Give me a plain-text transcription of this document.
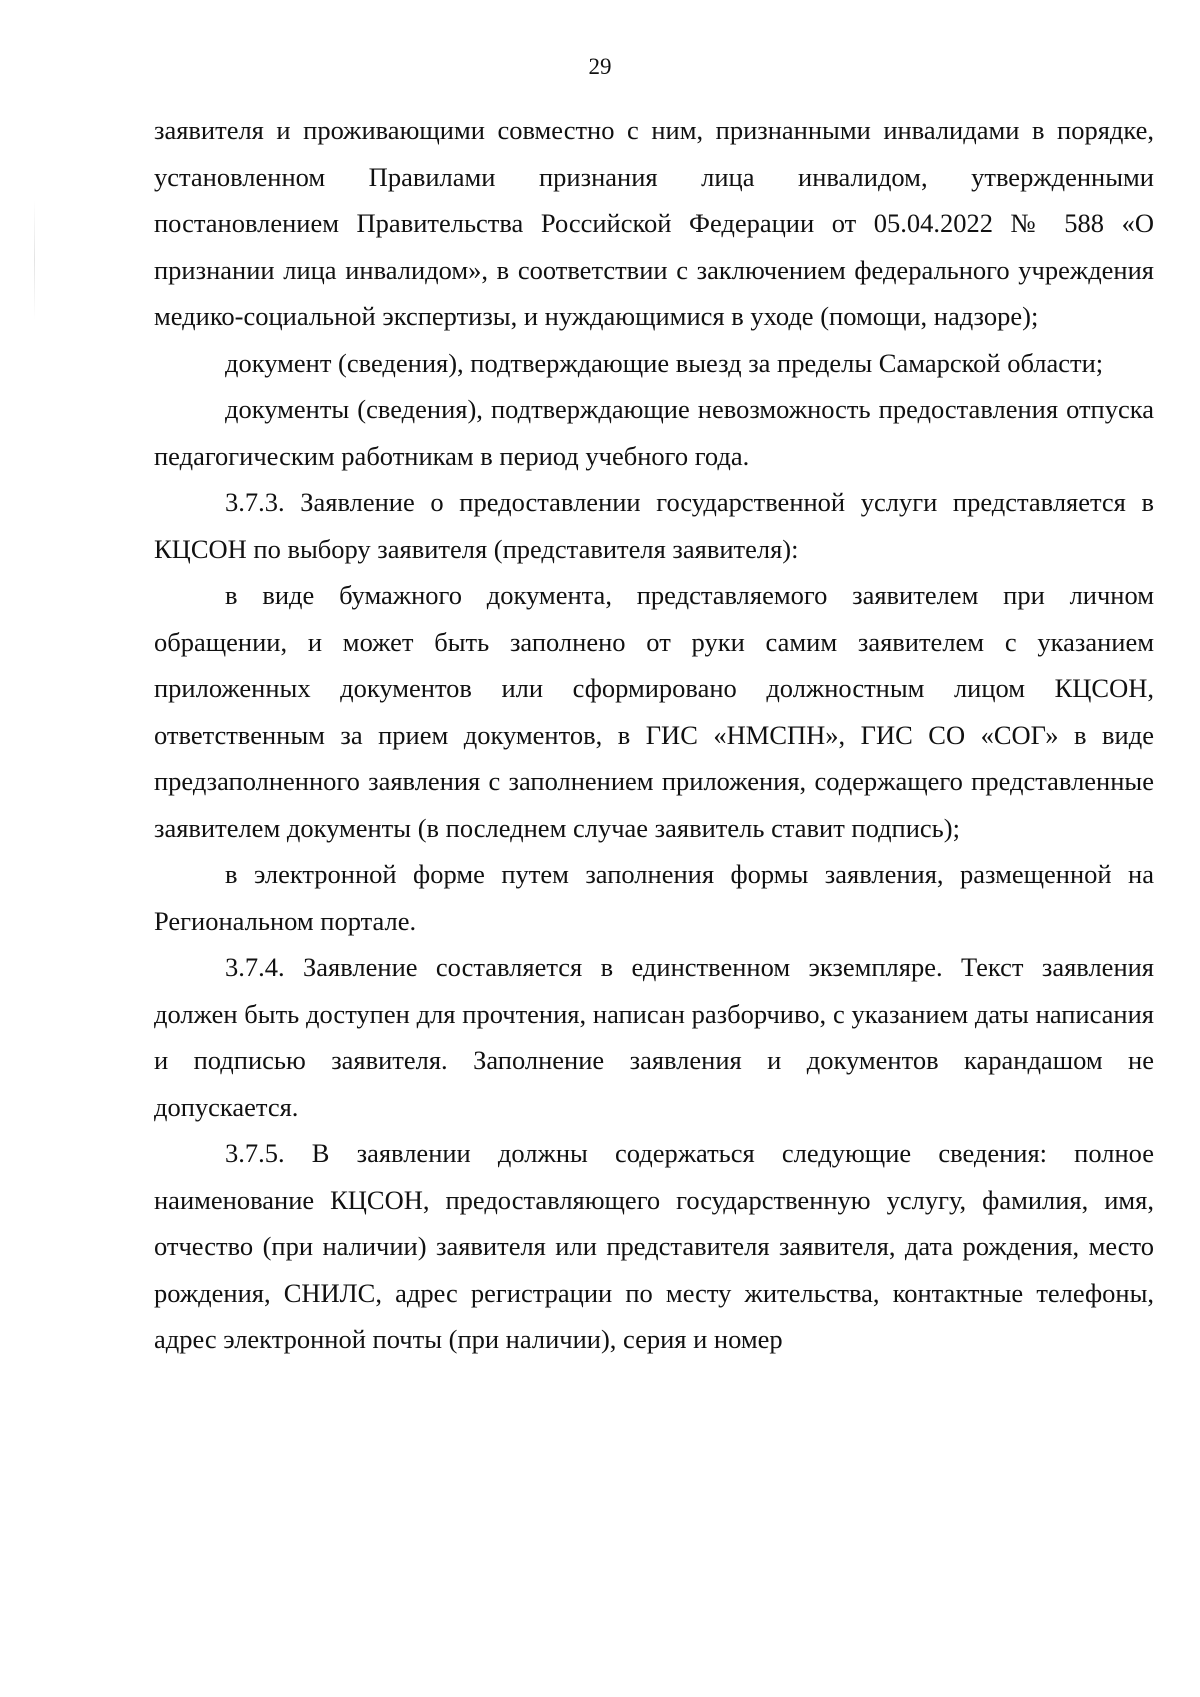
29

заявителя и проживающими совместно с ним, признанными инвалидами в порядке, установленном Правилами признания лица инвалидом, утвержденными постановлением Правительства Российской Федерации от 05.04.2022 № 588 «О признании лица инвалидом», в соответствии с заключением федерального учреждения медико-социальной экспертизы, и нуждающимися в уходе (помощи, надзоре);

документ (сведения), подтверждающие выезд за пределы Самарской области;

документы (сведения), подтверждающие невозможность предоставления отпуска педагогическим работникам в период учебного года.

3.7.3. Заявление о предоставлении государственной услуги представляется в КЦСОН по выбору заявителя (представителя заявителя):

в виде бумажного документа, представляемого заявителем при личном обращении, и может быть заполнено от руки самим заявителем с указанием приложенных документов или сформировано должностным лицом КЦСОН, ответственным за прием документов, в ГИС «НМСПН», ГИС СО «СОГ» в виде предзаполненного заявления с заполнением приложения, содержащего представленные заявителем документы (в последнем случае заявитель ставит подпись);

в электронной форме путем заполнения формы заявления, размещенной на Региональном портале.

3.7.4. Заявление составляется в единственном экземпляре. Текст заявления должен быть доступен для прочтения, написан разборчиво, с указанием даты написания и подписью заявителя. Заполнение заявления и документов карандашом не допускается.

3.7.5. В заявлении должны содержаться следующие сведения: полное наименование КЦСОН, предоставляющего государственную услугу, фамилия, имя, отчество (при наличии) заявителя или представителя заявителя, дата рождения, место рождения, СНИЛС, адрес регистрации по месту жительства, контактные телефоны, адрес электронной почты (при наличии), серия и номер
